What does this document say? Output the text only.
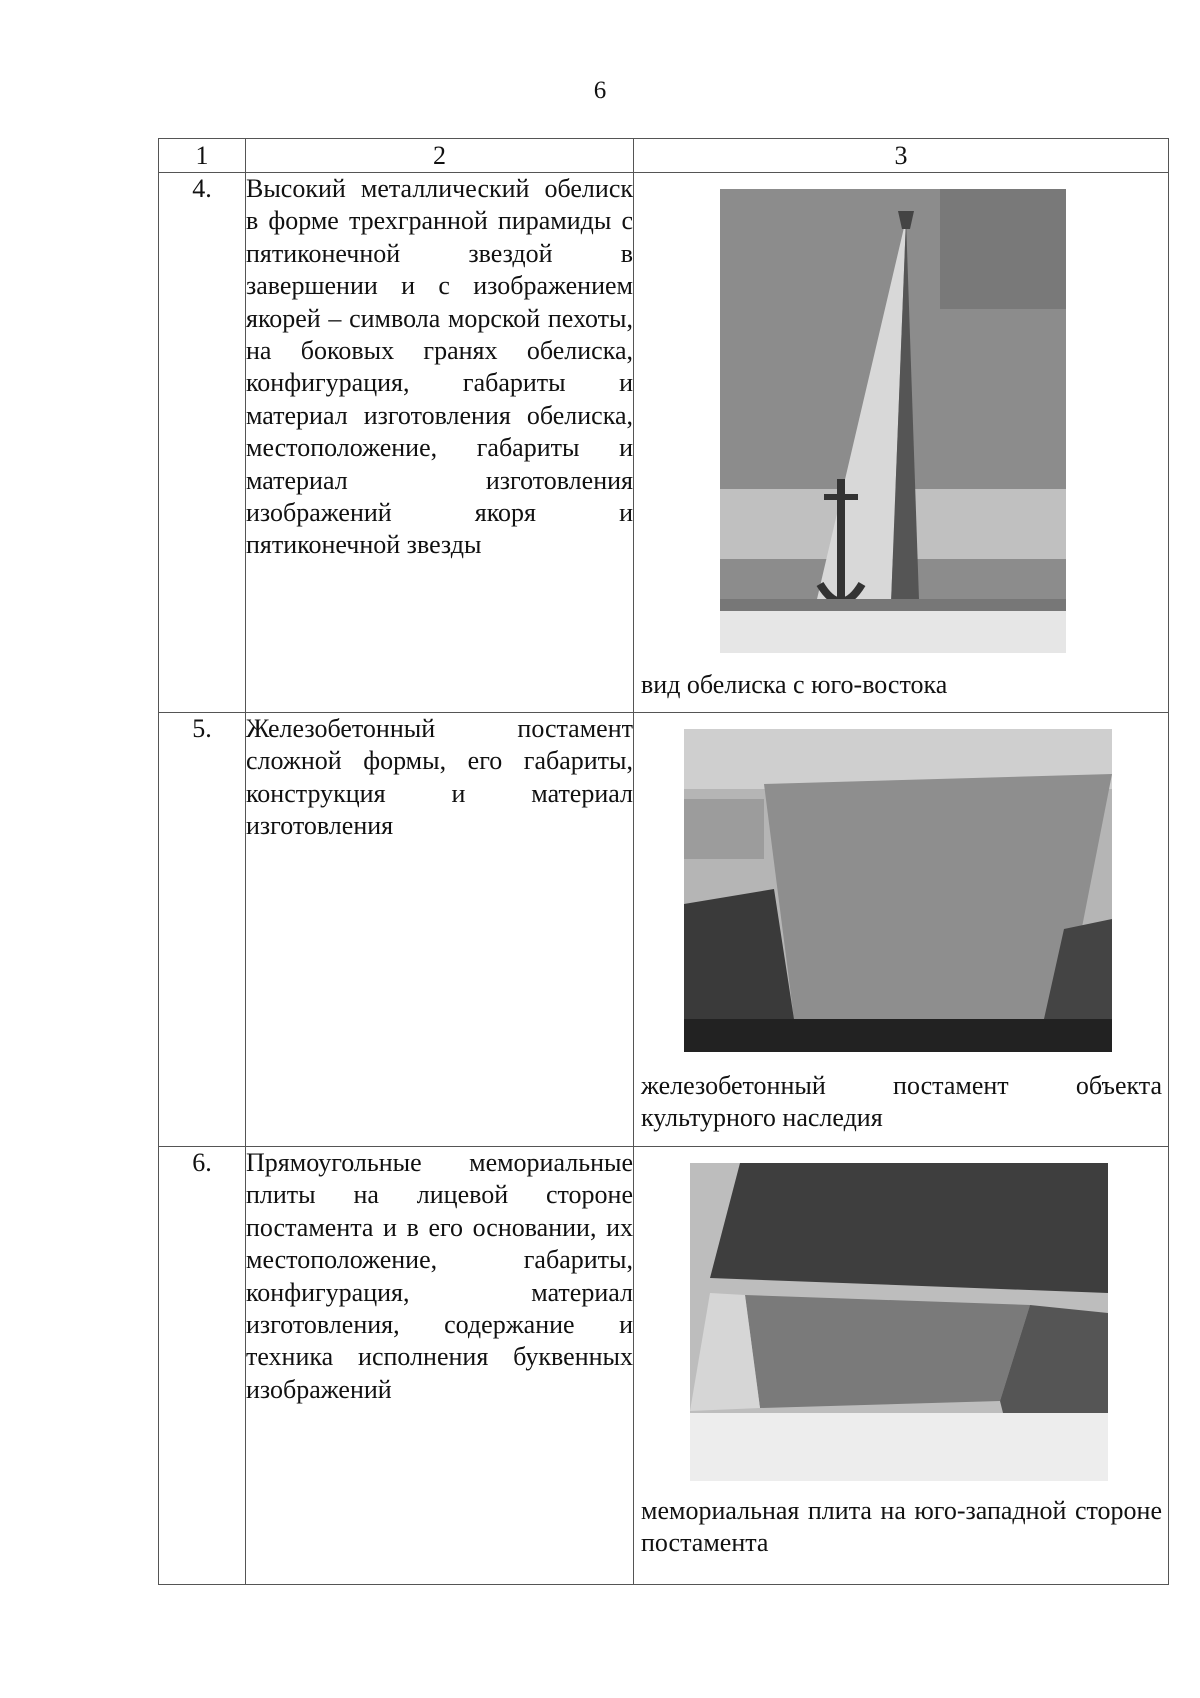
6
1	2	3
4.	Высокий металлический обелиск в форме трехгранной пирамиды с пятиконечной звездой в завершении и с изображением якорей – символа морской пехоты, на боковых гранях обелиска, конфигурация, габариты и материал изготовления обелиска, местоположение, габариты и материал изготовления изображений якоря и пятиконечной звезды	вид обелиска с юго-востока

5.	Железобетонный постамент сложной формы, его габариты, конструкция и материал изготовления	железобетонный постамент объекта культурного наследия

6.	Прямоугольные мемориальные плиты на лицевой стороне постамента и в его основании, их местоположение, габариты, конфигурация, материал изготовления, содержание и техника исполнения буквенных изображений	мемориальная плита на юго-западной стороне постамента
